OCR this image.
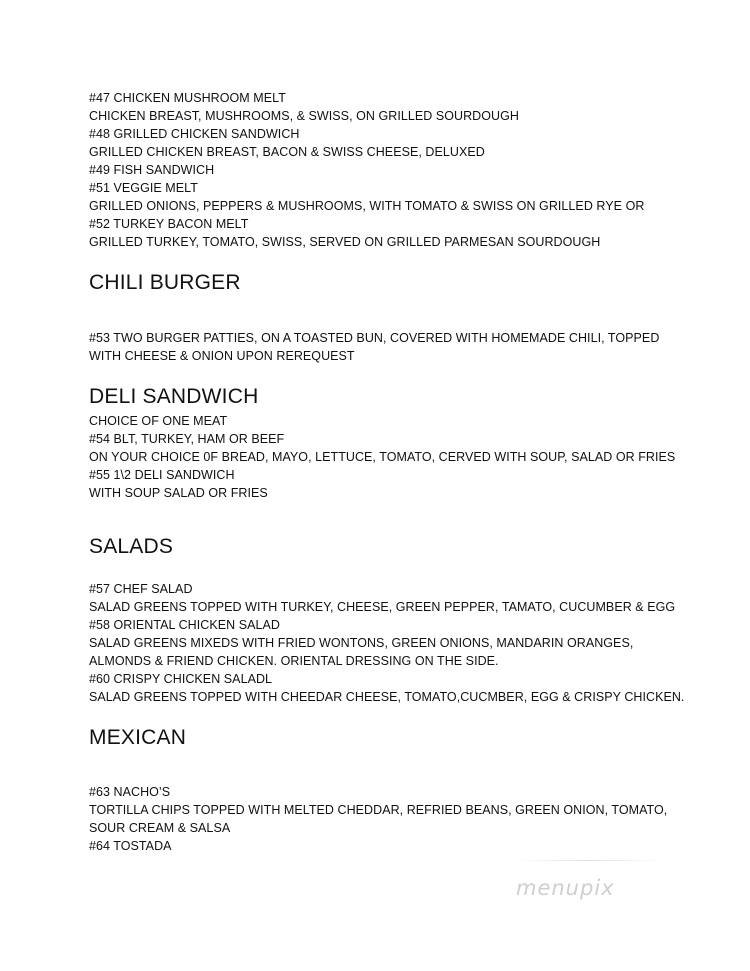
#47 CHICKEN MUSHROOM MELT
CHICKEN BREAST, MUSHROOMS, & SWISS, ON GRILLED SOURDOUGH
#48 GRILLED CHICKEN SANDWICH
GRILLED CHICKEN BREAST, BACON & SWISS CHEESE, DELUXED
#49 FISH SANDWICH
#51 VEGGIE MELT
GRILLED ONIONS, PEPPERS & MUSHROOMS, WITH TOMATO & SWISS ON GRILLED RYE OR
#52 TURKEY BACON MELT
GRILLED TURKEY, TOMATO, SWISS, SERVED ON GRILLED PARMESAN SOURDOUGH
CHILI BURGER
#53 TWO BURGER PATTIES, ON A TOASTED BUN, COVERED WITH HOMEMADE CHILI, TOPPED
WITH CHEESE & ONION UPON REREQUEST
DELI SANDWICH
CHOICE OF ONE MEAT
#54 BLT, TURKEY, HAM OR BEEF
ON YOUR CHOICE 0F BREAD, MAYO, LETTUCE, TOMATO, CERVED WITH SOUP, SALAD OR FRIES
#55 1\2 DELI SANDWICH
WITH SOUP SALAD OR FRIES
SALADS
#57 CHEF SALAD
SALAD GREENS TOPPED WITH TURKEY, CHEESE, GREEN PEPPER, TAMATO, CUCUMBER & EGG
#58 ORIENTAL CHICKEN SALAD
SALAD GREENS MIXEDS WITH FRIED WONTONS, GREEN ONIONS, MANDARIN ORANGES,
ALMONDS & FRIEND CHICKEN. ORIENTAL DRESSING ON THE SIDE.
#60 CRISPY CHICKEN SALADL
SALAD GREENS TOPPED WITH CHEEDAR CHEESE, TOMATO,CUCMBER, EGG & CRISPY CHICKEN.
MEXICAN
#63 NACHO’S
TORTILLA CHIPS TOPPED WITH MELTED CHEDDAR, REFRIED BEANS, GREEN ONION, TOMATO,
SOUR CREAM & SALSA
#64 TOSTADA
menupix
